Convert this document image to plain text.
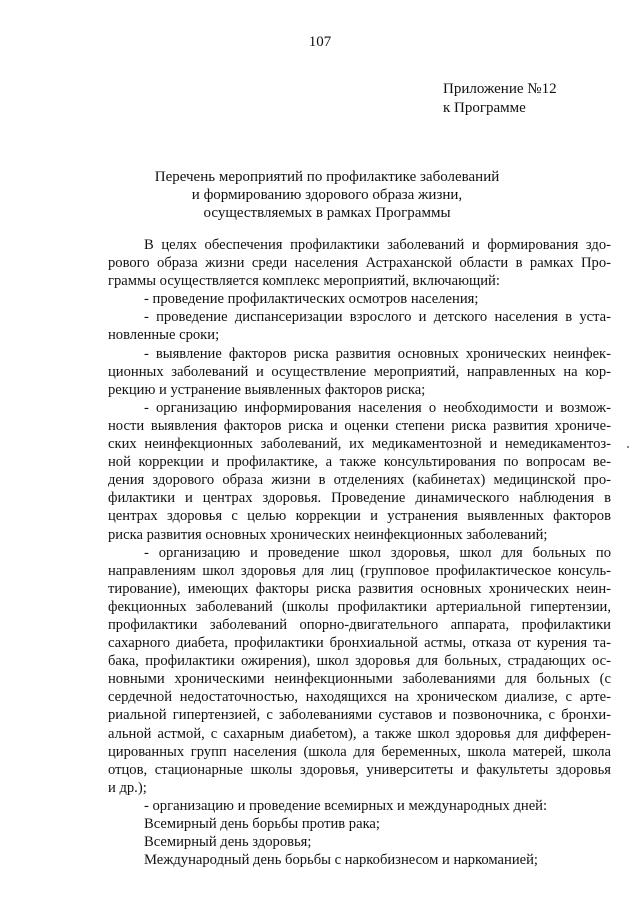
107
Приложение №12
к Программе
Перечень мероприятий по профилактике заболеваний
и формированию здорового образа жизни,
осуществляемых в рамках Программы
В целях обеспечения профилактики заболеваний и формирования здо-
рового образа жизни среди населения Астраханской области в рамках Про-
граммы осуществляется комплекс мероприятий, включающий:
- проведение профилактических осмотров населения;
- проведение диспансеризации взрослого и детского населения в уста-
новленные сроки;
- выявление факторов риска развития основных хронических неинфек-
ционных заболеваний и осуществление мероприятий, направленных на кор-
рекцию и устранение выявленных факторов риска;
- организацию информирования населения о необходимости и возмож-
ности выявления факторов риска и оценки степени риска развития хрониче-
ских неинфекционных заболеваний, их медикаментозной и немедикаментоз-
ной коррекции и профилактике, а также консультирования по вопросам ве-
дения здорового образа жизни в отделениях (кабинетах) медицинской про-
филактики и центрах здоровья. Проведение динамического наблюдения в
центрах здоровья с целью коррекции и устранения выявленных факторов
риска развития основных хронических неинфекционных заболеваний;
- организацию и проведение школ здоровья, школ для больных по
направлениям школ здоровья для лиц (групповое профилактическое консуль-
тирование), имеющих факторы риска развития основных хронических неин-
фекционных заболеваний (школы профилактики артериальной гипертензии,
профилактики заболеваний опорно-двигательного аппарата, профилактики
сахарного диабета, профилактики бронхиальной астмы, отказа от курения та-
бака, профилактики ожирения), школ здоровья для больных, страдающих ос-
новными хроническими неинфекционными заболеваниями для больных (с
сердечной недостаточностью, находящихся на хроническом диализе, с арте-
риальной гипертензией, с заболеваниями суставов и позвоночника, с бронхи-
альной астмой, с сахарным диабетом), а также школ здоровья для дифферен-
цированных групп населения (школа для беременных, школа матерей, школа
отцов, стационарные школы здоровья, университеты и факультеты здоровья
и др.);
- организацию и проведение всемирных и международных дней:
Всемирный день борьбы против рака;
Всемирный день здоровья;
Международный день борьбы с наркобизнесом и наркоманией;
